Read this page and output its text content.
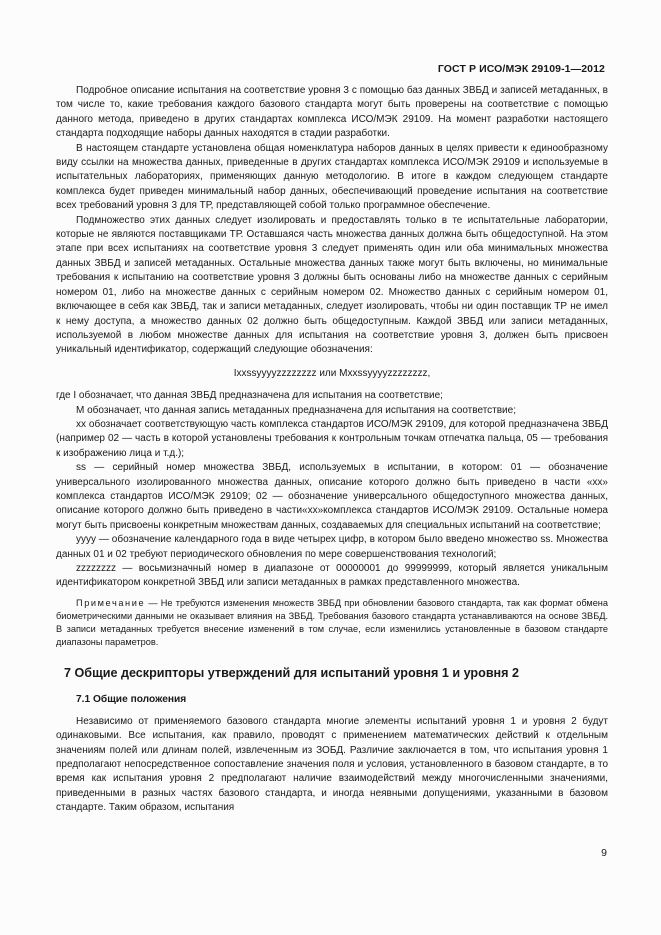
ГОСТ Р ИСО/МЭК 29109-1—2012

Подробное описание испытания на соответствие уровня 3 с помощью баз данных ЗВБД и записей метаданных, в том числе то, какие требования каждого базового стандарта могут быть проверены на соответствие с помощью данного метода, приведено в других стандартах комплекса ИСО/МЭК 29109. На момент разработки настоящего стандарта подходящие наборы данных находятся в стадии разработки.

В настоящем стандарте установлена общая номенклатура наборов данных в целях привести к единообразному виду ссылки на множества данных, приведенные в других стандартах комплекса ИСО/МЭК 29109 и используемые в испытательных лабораториях, применяющих данную методологию. В итоге в каждом следующем стандарте комплекса будет приведен минимальный набор данных, обеспечивающий проведение испытания на соответствие всех требований уровня 3 для ТР, представляющей собой только программное обеспечение.

Подмножество этих данных следует изолировать и предоставлять только в те испытательные лаборатории, которые не являются поставщиками ТР. Оставшаяся часть множества данных должна быть общедоступной. На этом этапе при всех испытаниях на соответствие уровня 3 следует применять один или оба минимальных множества данных ЗВБД и записей метаданных. Остальные множества данных также могут быть включены, но минимальные требования к испытанию на соответствие уровня 3 должны быть основаны либо на множестве данных с серийным номером 01, либо на множестве данных с серийным номером 02. Множество данных с серийным номером 01, включающее в себя как ЗВБД, так и записи метаданных, следует изолировать, чтобы ни один поставщик ТР не имел к нему доступа, а множество данных 02 должно быть общедоступным. Каждой ЗВБД или записи метаданных, используемой в любом множестве данных для испытания на соответствие уровня 3, должен быть присвоен уникальный идентификатор, содержащий следующие обозначения:

Ixxssyyyyzzzzzzzz или Mxxssyyyyzzzzzzzz,

где I обозначает, что данная ЗВБД предназначена для испытания на соответствие;

М обозначает, что данная запись метаданных предназначена для испытания на соответствие;

xx обозначает соответствующую часть комплекса стандартов ИСО/МЭК 29109, для которой предназначена ЗВБД (например 02 — часть в которой установлены требования к контрольным точкам отпечатка пальца, 05 — требования к изображению лица и т.д.);

ss — серийный номер множества ЗВБД, используемых в испытании, в котором: 01 — обозначение универсального изолированного множества данных, описание которого должно быть приведено в части «хх» комплекса стандартов ИСО/МЭК 29109; 02 — обозначение универсального общедоступного множества данных, описание которого должно быть приведено в части«хх»комплекса стандартов ИСО/МЭК 29109. Остальные номера могут быть присвоены конкретным множествам данных, создаваемых для специальных испытаний на соответствие;

уууу — обозначение календарного года в виде четырех цифр, в котором было введено множество ss. Множества данных 01 и 02 требуют периодического обновления по мере совершенствования технологий;

zzzzzzzz — восьмизначный номер в диапазоне от 00000001 до 99999999, который является уникальным идентификатором конкретной ЗВБД или записи метаданных в рамках представленного множества.

Примечание — Не требуются изменения множеств ЗВБД при обновлении базового стандарта, так как формат обмена биометрическими данными не оказывает влияния на ЗВБД. Требования базового стандарта устанавливаются на основе ЗВБД. В записи метаданных требуется внесение изменений в том случае, если изменились установленные в базовом стандарте диапазоны параметров.

7 Общие дескрипторы утверждений для испытаний уровня 1 и уровня 2
7.1 Общие положения

Независимо от применяемого базового стандарта многие элементы испытаний уровня 1 и уровня 2 будут одинаковыми. Все испытания, как правило, проводят с применением математических действий к отдельным значениям полей или длинам полей, извлеченным из ЗОБД. Различие заключается в том, что испытания уровня 1 предполагают непосредственное сопоставление значения поля и условия, установленного в базовом стандарте, в то время как испытания уровня 2 предполагают наличие взаимодействий между многочисленными значениями, приведенными в разных частях базового стандарта, и иногда неявными допущениями, указанными в базовом стандарте. Таким образом, испытания

9
